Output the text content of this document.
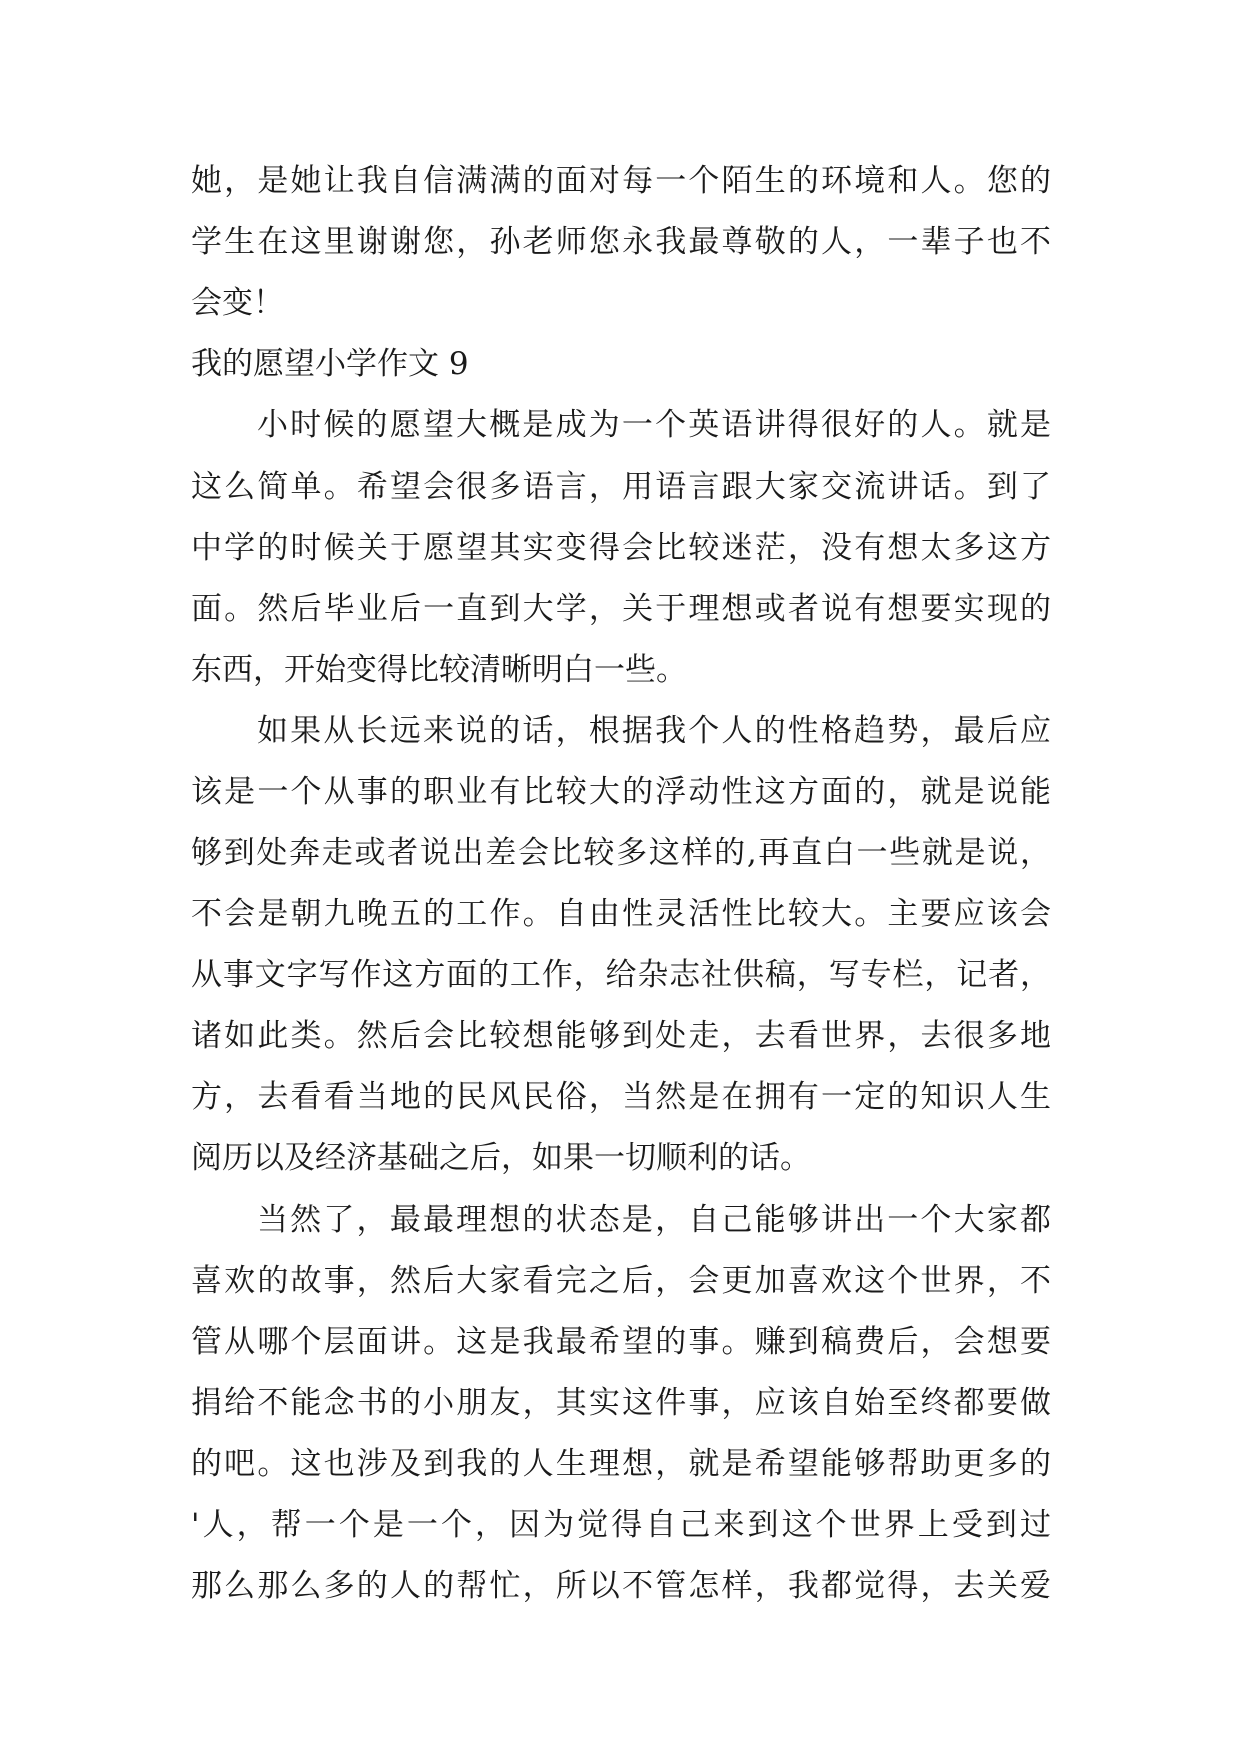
她，是她让我自信满满的面对每一个陌生的环境和人。您的
学生在这里谢谢您，孙老师您永我最尊敬的人，一辈子也不
会变！
我的愿望小学作文 9
小时候的愿望大概是成为一个英语讲得很好的人。就是
这么简单。希望会很多语言，用语言跟大家交流讲话。到了
中学的时候关于愿望其实变得会比较迷茫，没有想太多这方
面。然后毕业后一直到大学，关于理想或者说有想要实现的
东西，开始变得比较清晰明白一些。
如果从长远来说的话，根据我个人的性格趋势，最后应
该是一个从事的职业有比较大的浮动性这方面的，就是说能
够到处奔走或者说出差会比较多这样的,再直白一些就是说，
不会是朝九晚五的工作。自由性灵活性比较大。主要应该会
从事文字写作这方面的工作，给杂志社供稿，写专栏，记者，
诸如此类。然后会比较想能够到处走，去看世界，去很多地
方，去看看当地的民风民俗，当然是在拥有一定的知识人生
阅历以及经济基础之后，如果一切顺利的话。
当然了，最最理想的状态是，自己能够讲出一个大家都
喜欢的故事，然后大家看完之后，会更加喜欢这个世界，不
管从哪个层面讲。这是我最希望的事。赚到稿费后，会想要
捐给不能念书的小朋友，其实这件事，应该自始至终都要做
的吧。这也涉及到我的人生理想，就是希望能够帮助更多的
'人，帮一个是一个，因为觉得自己来到这个世界上受到过
那么那么多的人的帮忙，所以不管怎样，我都觉得，去关爱
